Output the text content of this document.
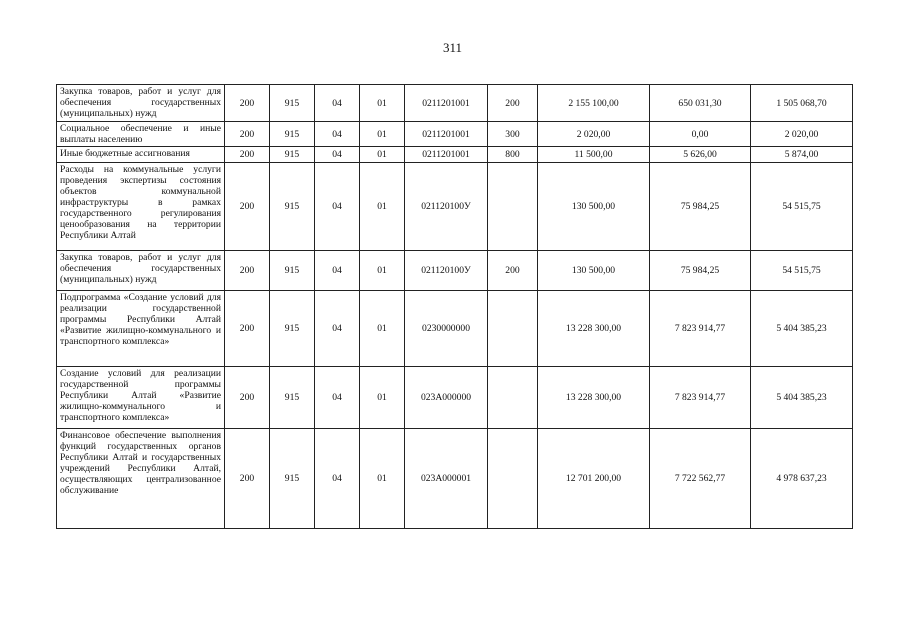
311
Закупка товаров, работ и услуг для обеспечения государственных (муниципальных) нужд	200	915	04	01	0211201001	200	2 155 100,00	650 031,30	1 505 068,70
Социальное обеспечение и иные выплаты населению	200	915	04	01	0211201001	300	2 020,00	0,00	2 020,00
Иные бюджетные ассигнования	200	915	04	01	0211201001	800	11 500,00	5 626,00	5 874,00
Расходы на коммунальные услуги проведения экспертизы состояния объектов коммунальной инфраструктуры в рамках государственного регулирования ценообразования на территории Республики Алтай	200	915	04	01	021120100У		130 500,00	75 984,25	54 515,75
Закупка товаров, работ и услуг для обеспечения государственных (муниципальных) нужд	200	915	04	01	021120100У	200	130 500,00	75 984,25	54 515,75
Подпрограмма «Создание условий для реализации государственной программы Республики Алтай «Развитие жилищно-коммунального и транспортного комплекса»	200	915	04	01	0230000000		13 228 300,00	7 823 914,77	5 404 385,23
Создание условий для реализации государственной программы Республики Алтай «Развитие жилищно-коммунального и транспортного комплекса»	200	915	04	01	023А000000		13 228 300,00	7 823 914,77	5 404 385,23
Финансовое обеспечение выполнения функций государственных органов Республики Алтай и государственных учреждений Республики Алтай, осуществляющих централизованное обслуживание	200	915	04	01	023А000001		12 701 200,00	7 722 562,77	4 978 637,23
